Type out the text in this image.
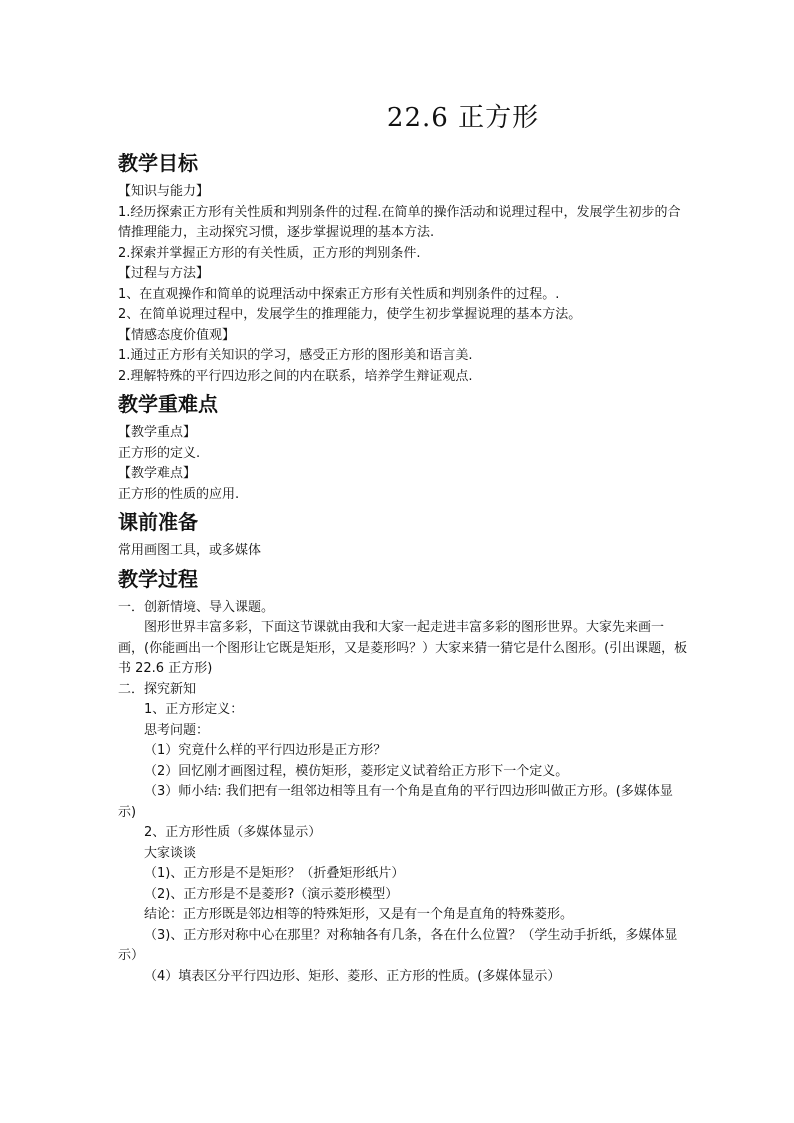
22.6 正方形
教学目标

【知识与能力】

1.经历探索正方形有关性质和判别条件的过程.在简单的操作活动和说理过程中，发展学生初步的合情推理能力，主动探究习惯，逐步掌握说理的基本方法.

2.探索并掌握正方形的有关性质，正方形的判别条件.

【过程与方法】

1、在直观操作和简单的说理活动中探索正方形有关性质和判别条件的过程。.

2、在简单说理过程中，发展学生的推理能力，使学生初步掌握说理的基本方法。

【情感态度价值观】

1.通过正方形有关知识的学习，感受正方形的图形美和语言美.

2.理解特殊的平行四边形之间的内在联系，培养学生辩证观点.

教学重难点

【教学重点】

正方形的定义.

【教学难点】

正方形的性质的应用.

课前准备

常用画图工具，或多媒体

教学过程

一．创新情境、导入课题。

图形世界丰富多彩，下面这节课就由我和大家一起走进丰富多彩的图形世界。大家先来画一画，(你能画出一个图形让它既是矩形，又是菱形吗？）大家来猜一猜它是什么图形。(引出课题，板书 22.6 正方形)

二．探究新知

1、正方形定义：

思考问题：

（1）究竟什么样的平行四边形是正方形？

（2）回忆刚才画图过程，模仿矩形，菱形定义试着给正方形下一个定义。

（3）师小结: 我们把有一组邻边相等且有一个角是直角的平行四边形叫做正方形。(多媒体显示)

2、正方形性质（多媒体显示）

大家谈谈

（1)、正方形是不是矩形？（折叠矩形纸片）

（2)、正方形是不是菱形?（演示菱形模型）

结论：正方形既是邻边相等的特殊矩形，又是有一个角是直角的特殊菱形。

（3)、正方形对称中心在那里？对称轴各有几条，各在什么位置？（学生动手折纸，多媒体显示）

（4）填表区分平行四边形、矩形、菱形、正方形的性质。(多媒体显示）
